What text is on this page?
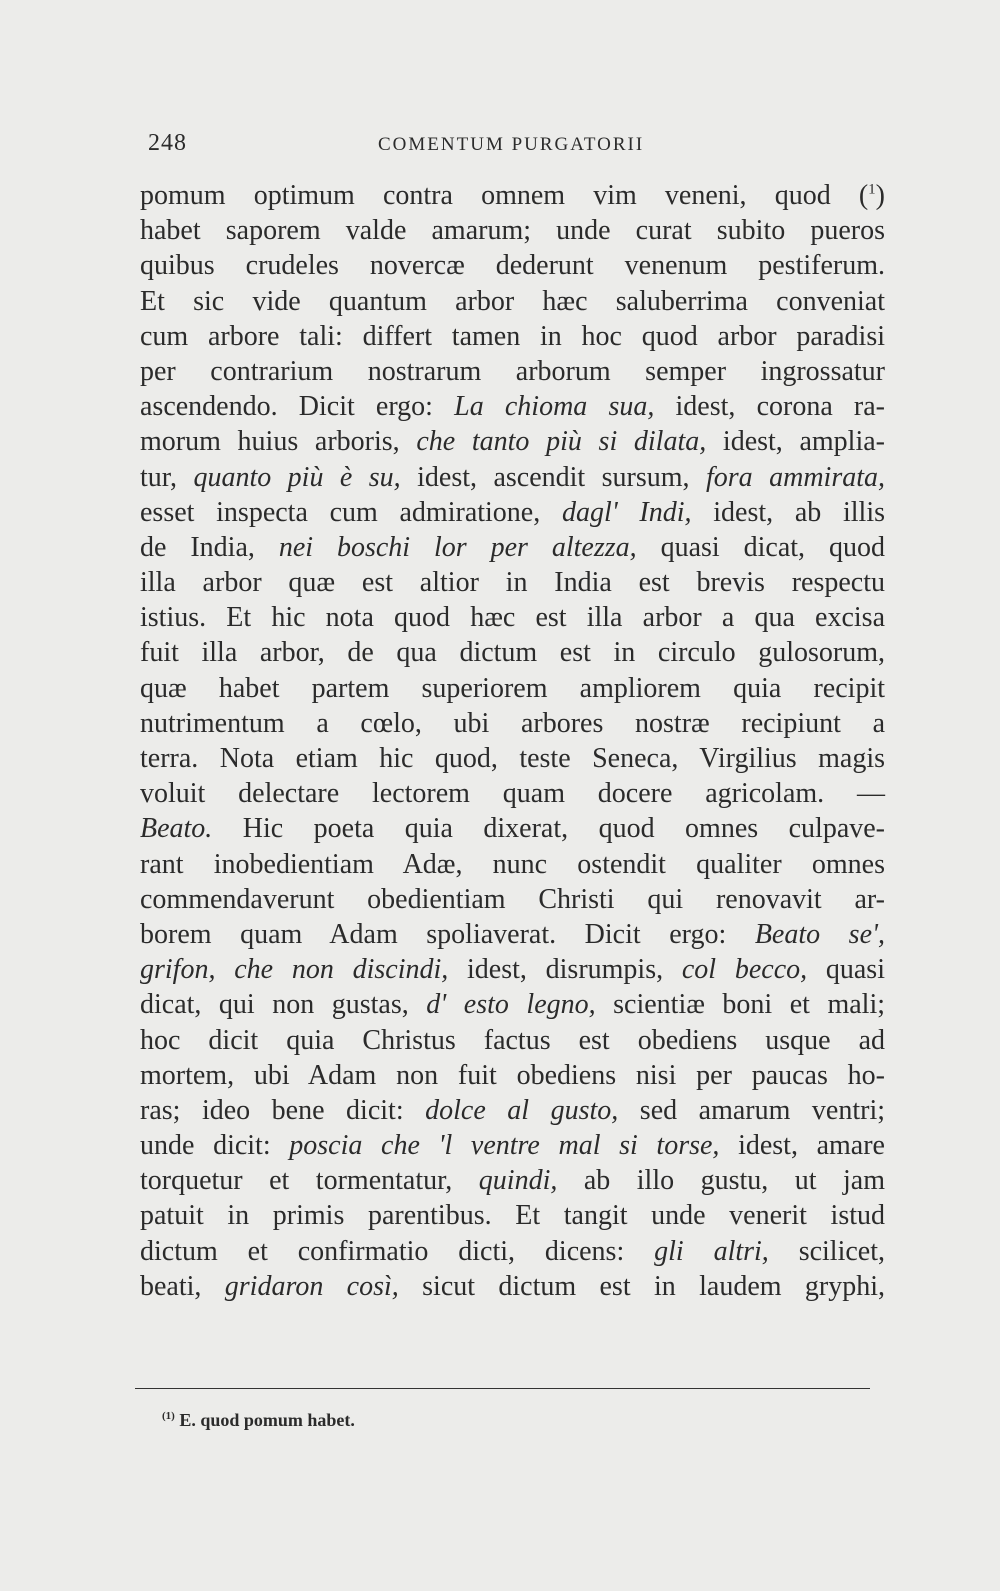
248	COMENTUM PURGATORII
pomum optimum contra omnem vim veneni, quod ($^1$)
habet saporem valde amarum; unde curat subito pueros
quibus crudeles novercæ dederunt venenum pestiferum.
Et sic vide quantum arbor hæc saluberrima conveniat
cum arbore tali: differt tamen in hoc quod arbor paradisi
per contrarium nostrarum arborum semper ingrossatur
ascendendo. Dicit ergo: La chioma sua, idest, corona ra-
morum huius arboris, che tanto più si dilata, idest, amplia-
tur, quanto più è su, idest, ascendit sursum, fora ammirata,
esset inspecta cum admiratione, dagl' Indi, idest, ab illis
de India, nei boschi lor per altezza, quasi dicat, quod
illa arbor quæ est altior in India est brevis respectu
istius. Et hic nota quod hæc est illa arbor a qua excisa
fuit illa arbor, de qua dictum est in circulo gulosorum,
quæ habet partem superiorem ampliorem quia recipit
nutrimentum a cœlo, ubi arbores nostræ recipiunt a
terra. Nota etiam hic quod, teste Seneca, Virgilius magis
voluit delectare lectorem quam docere agricolam. —
Beato. Hic poeta quia dixerat, quod omnes culpave-
rant inobedientiam Adæ, nunc ostendit qualiter omnes
commendaverunt obedientiam Christi qui renovavit ar-
borem quam Adam spoliaverat. Dicit ergo: Beato se',
grifon, che non discindi, idest, disrumpis, col becco, quasi
dicat, qui non gustas, d' esto legno, scientiæ boni et mali;
hoc dicit quia Christus factus est obediens usque ad
mortem, ubi Adam non fuit obediens nisi per paucas ho-
ras; ideo bene dicit: dolce al gusto, sed amarum ventri;
unde dicit: poscia che 'l ventre mal si torse, idest, amare
torquetur et tormentatur, quindi, ab illo gustu, ut jam
patuit in primis parentibus. Et tangit unde venerit istud
dictum et confirmatio dicti, dicens: gli altri, scilicet,
beati, gridaron così, sicut dictum est in laudem gryphi,
$^{(1)}$ E. quod pomum habet.
